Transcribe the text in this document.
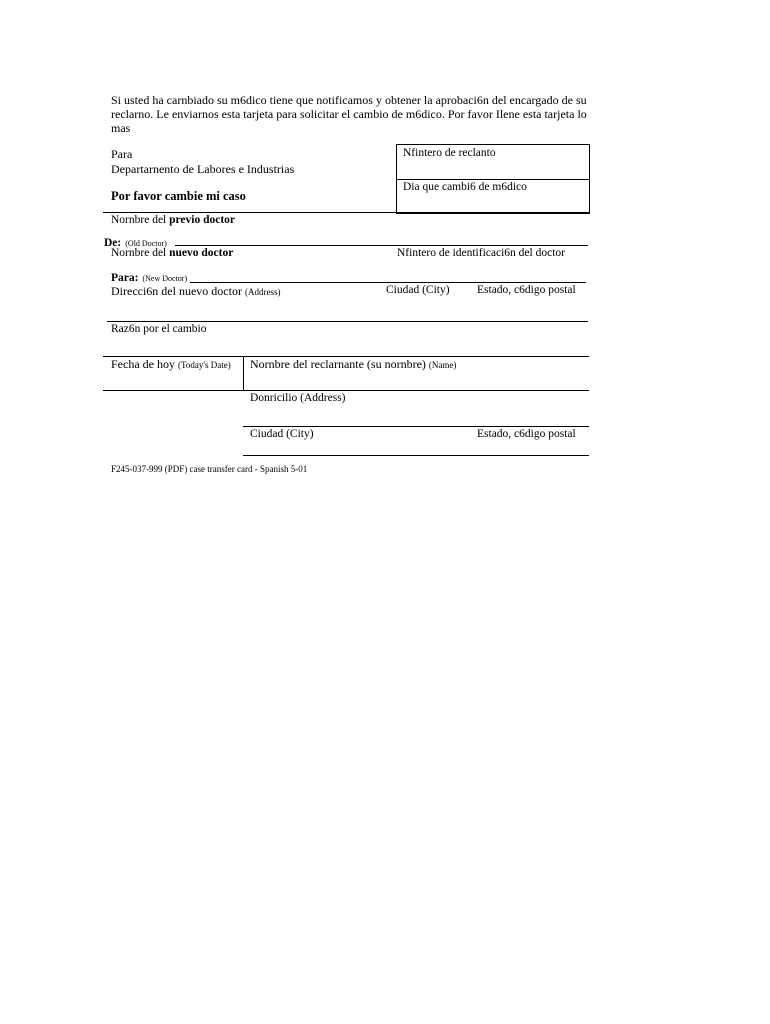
Si usted ha carnbiado su m6dico tiene que notificamos y obtener la aprobaci6n del encargado de su
reclarno. Le enviarnos esta tarjeta para solicitar el cambio de m6dico. Por favor Ilene esta tarjeta lo
mas
Para
Departarnento de Labores e Industrias
Por favor cambie mi caso
Nfintero de reclanto
Dia que cambi6 de m6dico
Nornbre del previo doctor
De: (Old Doctor)
Nornbre del nuevo doctor	Nfintero de identificaci6n del doctor
Para: (New Doctor)
Direcci6n del nuevo doctor (Address)	Ciudad (City) Estado, c6digo postal
Raz6n por el cambio
Fecha de hoy (Today's Date) Nornbre del reclarnante (su nornbre) (Name)
Donricilio (Address)
Ciudad (City)	Estado, c6digo postal
F245-037-999 (PDF) case transfer card - Spanish 5-01
